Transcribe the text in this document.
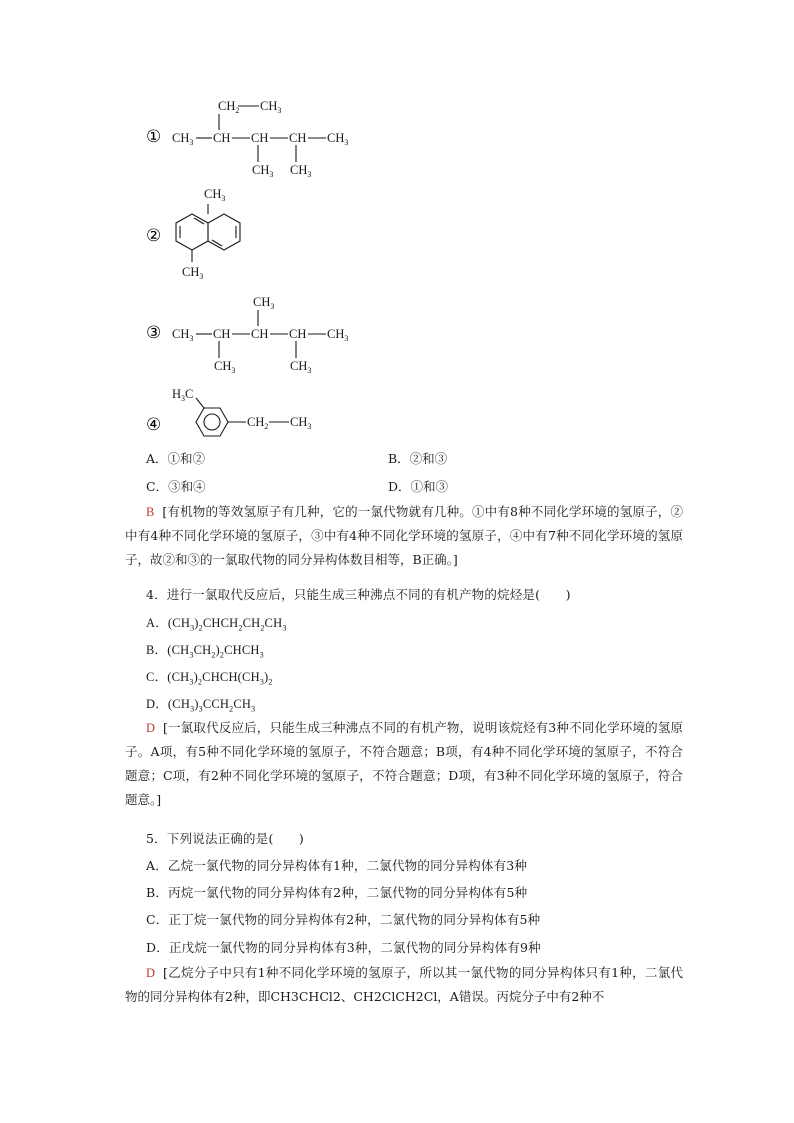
①
$CH_2$ $CH_3$
$CH_3$ CH CH CH $CH_3$
$CH_3$ $CH_3$
②
$CH_3$
$CH_3$
③
$CH_3$
$CH_3$ CH CH CH $CH_3$
$CH_3$	$CH_3$
④
$H_3C$
$CH_2$ $CH_3$
A．①和②	B．②和③
C．③和④	D．①和③
B [有机物的等效氢原子有几种，它的一氯代物就有几种。①中有8种不同化学环境的氢原子，②中有4种不同化学环境的氢原子，③中有4种不同化学环境的氢原子，④中有7种不同化学环境的氢原子，故②和③的一氯取代物的同分异构体数目相等，B正确。]
4．进行一氯取代反应后，只能生成三种沸点不同的有机产物的烷烃是(　　)
A．$(CH_3)_2CHCH_2CH_2CH_3$
B．$(CH_3CH_2)_2CHCH_3$
C．$(CH_3)_2CHCH(CH_3)_2$
D．$(CH_3)_3CCH_2CH_3$
D [一氯取代反应后，只能生成三种沸点不同的有机产物，说明该烷烃有3种不同化学环境的氢原子。A项，有5种不同化学环境的氢原子，不符合题意；B项，有4种不同化学环境的氢原子，不符合题意；C项，有2种不同化学环境的氢原子，不符合题意；D项，有3种不同化学环境的氢原子，符合题意。]
5．下列说法正确的是(　　)
A．乙烷一氯代物的同分异构体有1种，二氯代物的同分异构体有3种
B．丙烷一氯代物的同分异构体有2种，二氯代物的同分异构体有5种
C．正丁烷一氯代物的同分异构体有2种，二氯代物的同分异构体有5种
D．正戊烷一氯代物的同分异构体有3种，二氯代物的同分异构体有9种
D [乙烷分子中只有1种不同化学环境的氢原子，所以其一氯代物的同分异构体只有1种，二氯代物的同分异构体有2种，即CH3CHCl2、CH2ClCH2Cl，A错误。丙烷分子中有2种不
